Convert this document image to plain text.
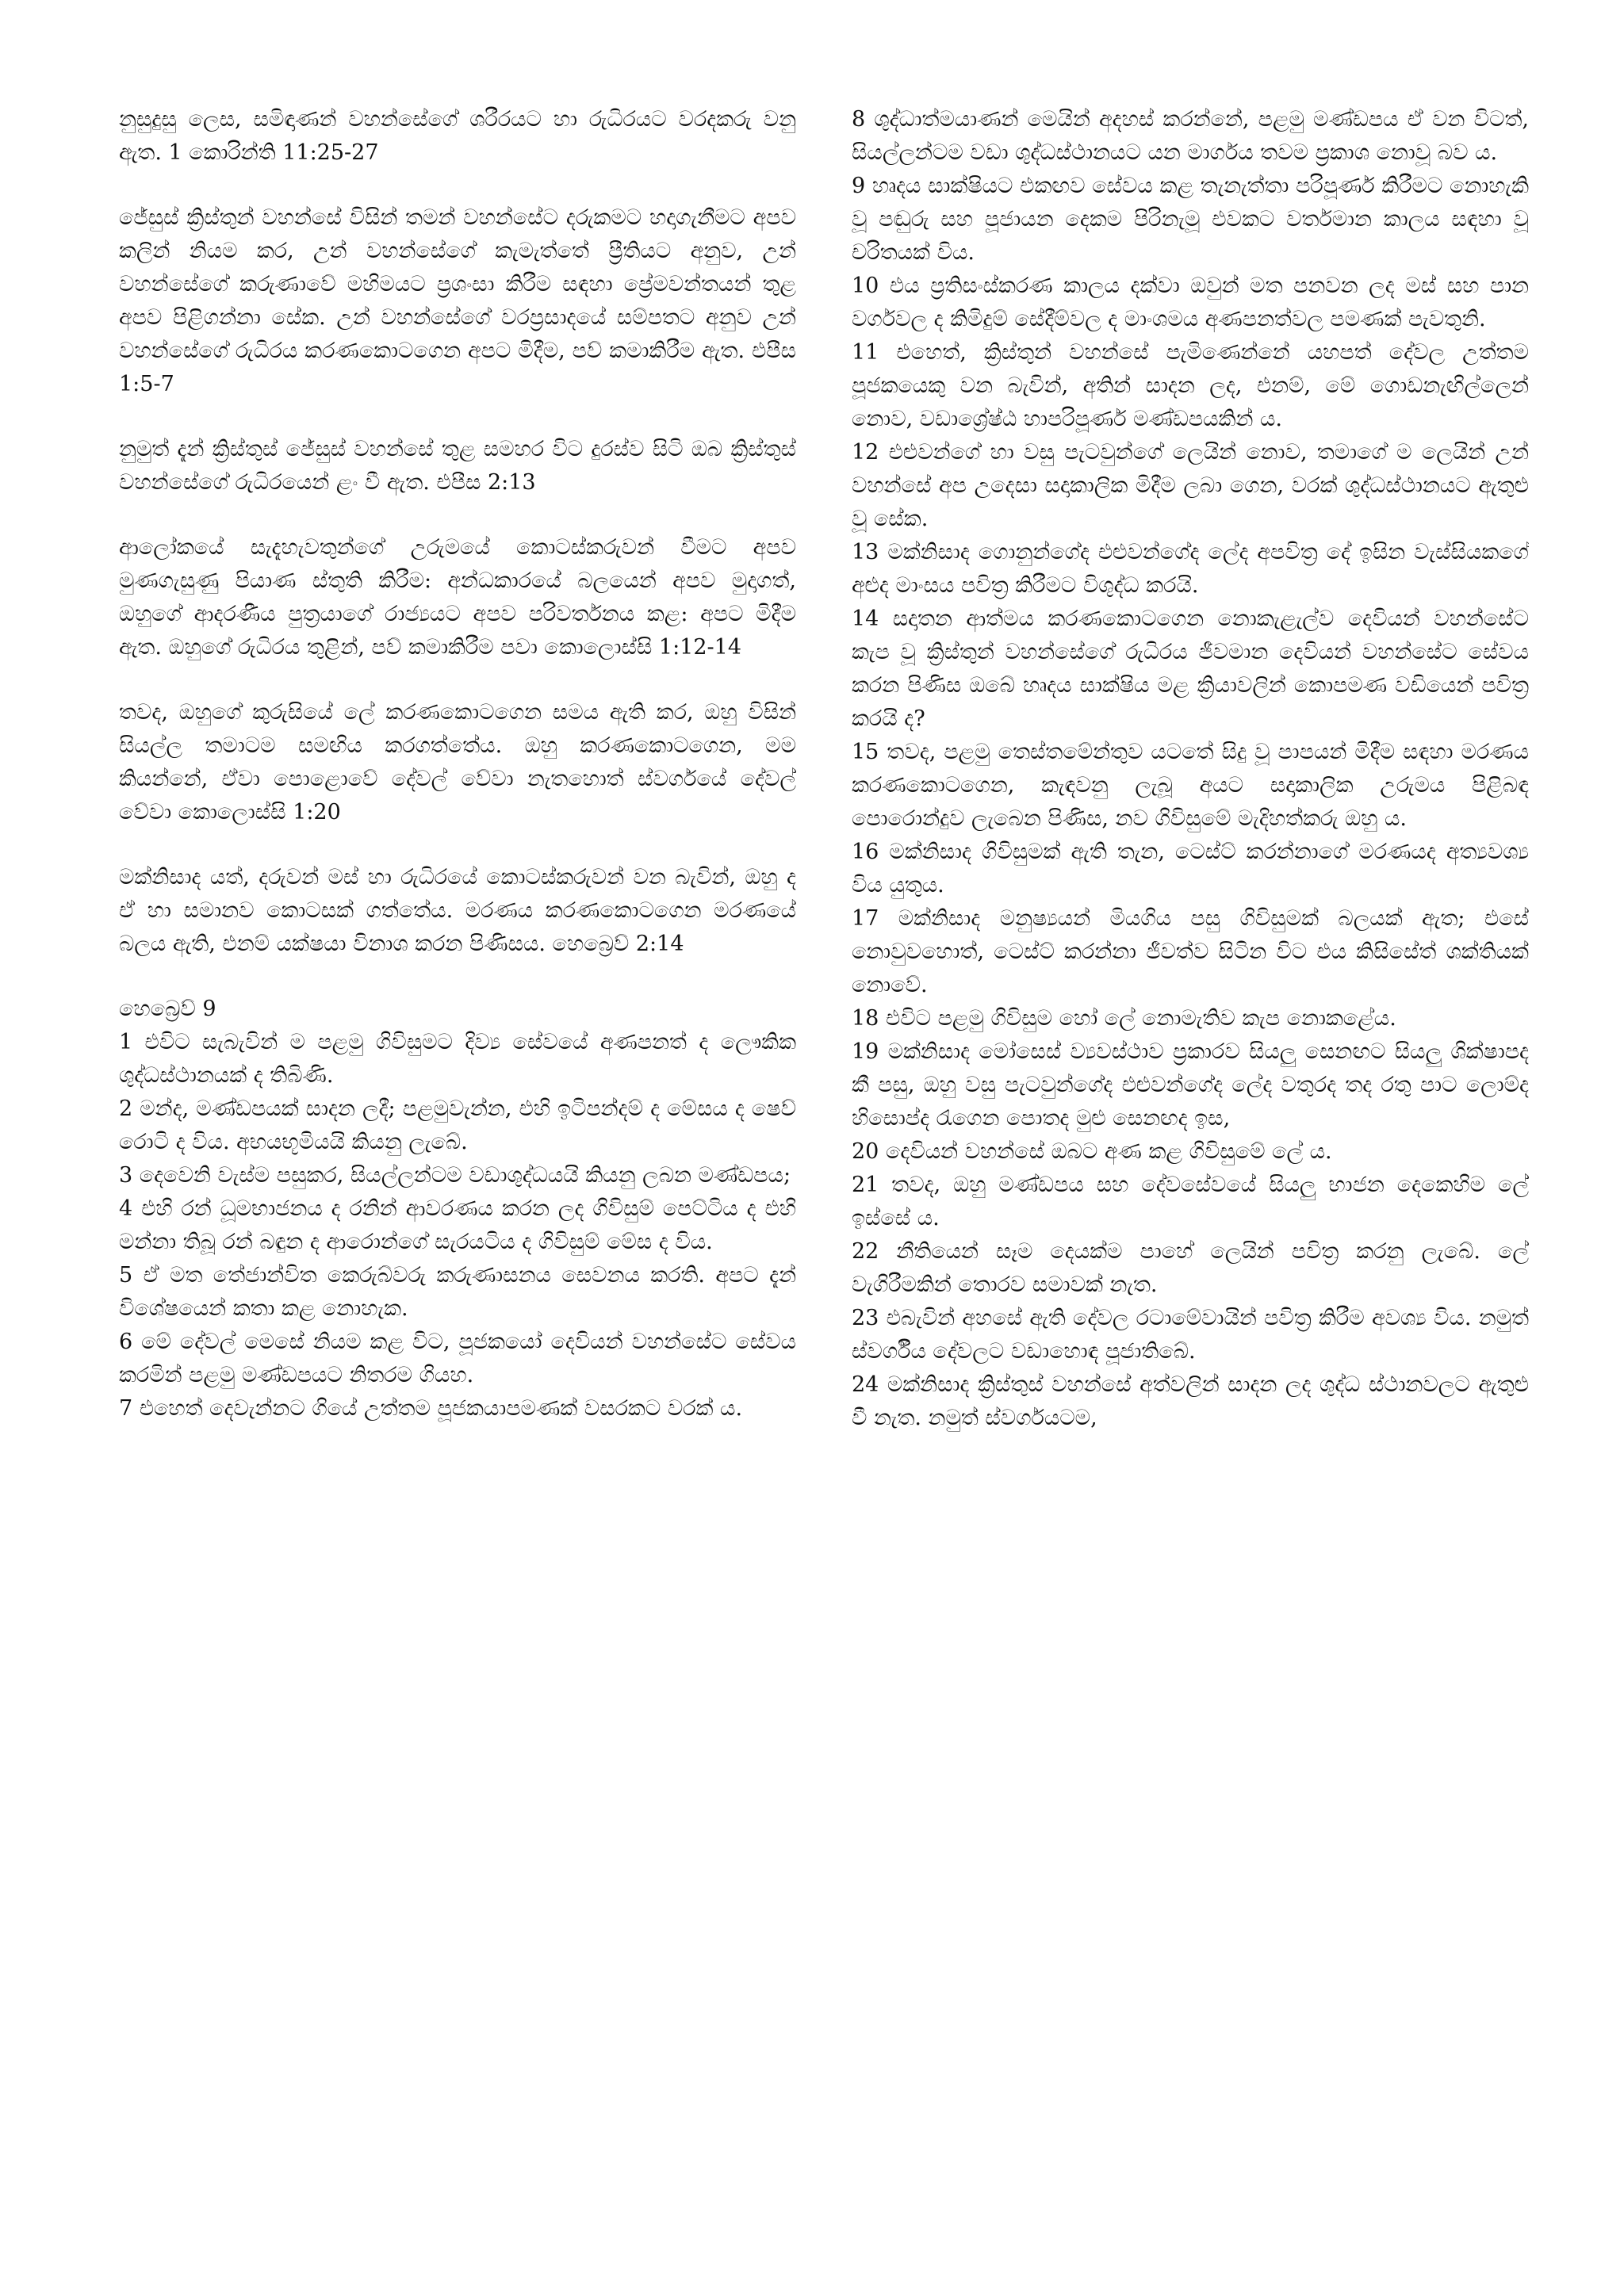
නුසුදුසු ලෙස, සමිඳාණන් වහන්සේගේ ශරීරයට හා රුධිරයට වරදකරු වනු ඇත. 1 කොරින්ති 11:25-27

ජේසුස් ක්‍රිස්තුන් වහන්සේ විසින් තමන් වහන්සේට දරුකමට හදාගැනීමට අපව කලින් නියම කර, උන් වහන්සේගේ කැමැත්තේ ප්‍රීතියට අනුව, උන් වහන්සේගේ කරුණාවේ මහිමයට ප්‍රශංසා කිරීම සඳහා ප්‍රේමවන්තයන් තුළ අපව පිළිගන්නා සේක. උන් වහන්සේගේ වරප්‍රසාදයේ සම්පතට අනුව උන් වහන්සේගේ රුධිරය කරණකොටගෙන අපට මිදීම, පව් කමාකිරීම ඇත. එපීස 1:5-7

නුමුත් දැන් ක්‍රිස්තුස් ජේසුස් වහන්සේ තුළ සමහර විට දුරස්ව සිටි ඔබ ක්‍රිස්තුස් වහන්සේගේ රුධිරයෙන් ළං වී ඇත. එපීස 2:13

ආලෝකයේ සැදැහැවතුන්ගේ උරුමයේ කොටස්කරුවන් වීමට අපව මුණගැසුණු පියාණ ස්තුති කිරීම: අන්ධකාරයේ බලයෙන් අපව මුදාගත්, ඔහුගේ ආදරණීය පුත්‍රයාගේ රාජ්‍යයට අපව පරිවර්තනය කළ: අපට මිදීම ඇත. ඔහුගේ රුධිරය තුළින්, පව් කමාකිරීම පවා කොලොස්සි 1:12-14

තවද, ඔහුගේ කුරුසියේ ලේ කරණකොටගෙන සමය ඇති කර, ඔහු විසින් සියල්ල තමාටම සමඟිය කරගත්තේය. ඔහු කරණකොටගෙන, මම කියන්නේ, ඒවා පොළොවේ දේවල් වේවා නැතහොත් ස්වර්ගයේ දේවල් වේවා කොලොස්සි 1:20

මක්නිසාද යත්, දරුවන් මස් හා රුධිරයේ කොටස්කරුවන් වන බැවින්, ඔහු ද ඒ හා සමානව කොටසක් ගත්තේය. මරණය කරණකොටගෙන මරණයේ බලය ඇති, එනම් යක්ෂයා විනාශ කරන පිණිසය. හෙබ්‍රෙව් 2:14

හෙබ්‍රෙව් 9

1 එවිට සැබැවින් ම පළමු ගිවිසුමට දිව්‍ය සේවයේ අණපනත් ද ලෞකික ශුද්ධස්ථානයක් ද තිබිණි.

2 මන්ද, මණ්ඩපයක් සාදන ලදී; පළමුවැන්න, එහි ඉටිපන්දම් ද මේසය ද ෂෙව් රොටි ද විය. අභයභූමියයි කියනු ලැබේ.

3 දෙවෙනි වැස්ම පසුකර, සියල්ලන්ටම වඩාශුද්ධයයි කියනු ලබන මණ්ඩපය;

4 එහි රන් ධූමභාජනය ද රනින් ආවරණය කරන ලද ගිවිසුම් පෙට්ටිය ද එහි මන්නා තිබූ රන් බඳුන ද ආරොන්ගේ සැරයටිය ද ගිවිසුම් මේස ද විය.

5 ඒ මත තේජාන්විත කෙරුබ්වරු කරුණාසනය සෙවනය කරති. අපට දැන් විශේෂයෙන් කතා කළ නොහැක.

6 මේ දේවල් මෙසේ නියම කළ විට, පූජකයෝ දෙවියන් වහන්සේට සේවය කරමින් පළමු මණ්ඩපයට නිතරම ගියහ.

7 එහෙත් දෙවැන්නට ගියේ උත්තම පූජකයාපමණක් වසරකට වරක් ය.

8 ශුද්ධාත්මයාණන් මෙයින් අදහස් කරන්නේ, පළමු මණ්ඩපය ඒ වන විටත්, සියල්ලන්ටම වඩා ශුද්ධස්ථානයට යන මාර්ගය තවම ප්‍රකාශ නොවූ බව ය.

9 හෘදය සාක්ෂියට එකඟව සේවය කළ තැනැත්තා පරිපූර්ණ කිරීමට නොහැකි වූ පඬුරු සහ පූජායන දෙකම පිරිනැමූ එවකට වර්තමාන කාලය සඳහා වූ චරිතයක් විය.

10 එය ප්‍රතිසංස්කරණ කාලය දක්වා ඔවුන් මත පනවන ලද මස් සහ පාන වර්ගවල ද කිමිදුම් සේදීම්වල ද මාංශමය අණපනත්වල පමණක් පැවතුනි.

11 එහෙත්, ක්‍රිස්තුන් වහන්සේ පැමිණෙන්නේ යහපත් දේවල උත්තම පූජකයෙකු වන බැවින්, අතින් සාදන ලද, එනම්, මේ ගොඩනැඟිල්ලෙන් නොව, වඩාශ්‍රේෂ්ඨ හාපරිපූර්ණ මණ්ඩපයකින් ය.

12 එළුවන්ගේ හා වසු පැටවුන්ගේ ලෙයින් නොව, තමාගේ ම ලෙයින් උන් වහන්සේ අප උදෙසා සදාකාලික මිදීම ලබා ගෙන, වරක් ශුද්ධස්ථානයට ඇතුළු වූ සේක.

13 මක්නිසාද ගොනුන්ගේද එළුවන්ගේද ලේද අපවිත්‍ර දේ ඉසින වැස්සියකගේ අළුද මාංසය පවිත්‍ර කිරීමට විශුද්ධ කරයි.

14 සදාතන ආත්මය කරණකොටගෙන නොකැළැල්ව දෙවියන් වහන්සේට කැප වූ ක්‍රිස්තුන් වහන්සේගේ රුධිරය ජීවමාන දෙවියන් වහන්සේට සේවය කරන පිණිස ඔබේ හෘදය සාක්ෂිය මළ ක්‍රියාවලින් කොපමණ වඩියෙන් පවිත්‍ර කරයි ද?

15 තවද, පළමු තෙස්තමේන්තුව යටතේ සිදු වූ පාපයන් මිදීම සඳහා මරණය කරණකොටගෙන, කැඳවනු ලැබූ අයට සදාකාලික උරුමය පිළිබඳ පොරොන්දුව ලැබෙන පිණිස, නව ගිවිසුමේ මැදිහත්කරු ඔහු ය.

16 මක්නිසාද ගිවිසුමක් ඇති තැන, ටෙස්ට් කරන්නාගේ මරණයද අත්‍යවශ්‍ය විය යුතුය.

17 මක්නිසාද මනුෂ්‍යයන් මියගිය පසු ගිවිසුමක් බලයක් ඇත; එසේ නොවුවහොත්, ටෙස්ට් කරන්නා ජීවත්ව සිටින විට එය කිසිසේත් ශක්තියක් නොවේ.

18 එවිට පළමු ගිවිසුම හෝ ලේ නොමැතිව කැප නොකළේය.

19 මක්නිසාද මෝසෙස් ව්‍යවස්ථාව ප්‍රකාරව සියලු සෙනඟට සියලු ශික්ෂාපද කී පසු, ඔහු වසු පැටවුන්ගේද එළුවන්ගේද ලේද වතුරද තද රතු පාට ලොම්ද හිසොප්ද රැගෙන පොතද මුළු සෙනඟද ඉස,

20 දෙවියන් වහන්සේ ඔබට අණ කළ ගිවිසුමේ ලේ ය.

21 තවද, ඔහු මණ්ඩපය සහ දේවසේවයේ සියලු භාජන දෙකෙහිම ලේ ඉස්සේ ය.

22 නීතියෙන් සෑම දෙයක්ම පාහේ ලෙයින් පවිත්‍ර කරනු ලැබේ. ලේ වැගිරීමකින් තොරව සමාවක් නැත.

23 එබැවින් අහසේ ඇති දේවල රටාමේවායින් පවිත්‍ර කිරීම අවශ්‍ය විය. නමුත් ස්වර්ගීය දේවලට වඩාහොඳ පූජාතිබේ.

24 මක්නිසාද ක්‍රිස්තුස් වහන්සේ අත්වලින් සාදන ලද ශුද්ධ ස්ථානවලට ඇතුළු වී නැත. නමුත් ස්වර්ගයටම,
